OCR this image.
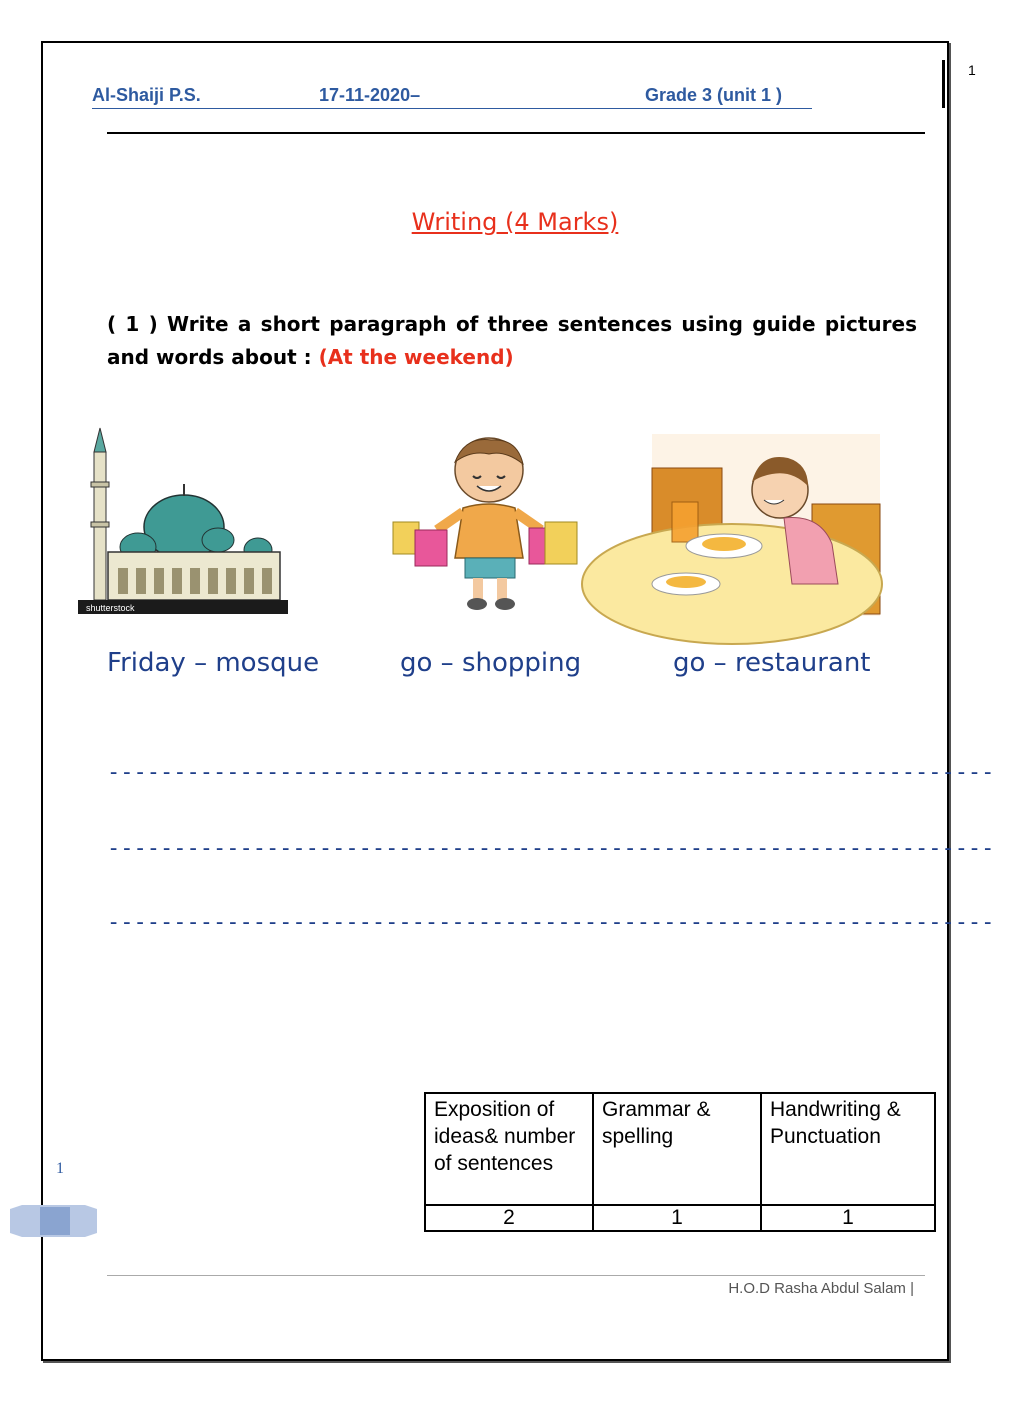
1
Al-Shaiji P.S.	17-11-2020–	Grade 3 (unit 1 )
Writing (4 Marks)
( 1 ) Write a short paragraph of three sentences using guide pictures and words about : (At the weekend)
shutterstock
Friday – mosque	go – shopping	go – restaurant
-------------------------------------------------------------------
-------------------------------------------------------------------
-------------------------------------------------------------------
Exposition of ideas& number of sentences	Grammar & spelling	Handwriting & Punctuation
2	1	1
1
H.O.D Rasha Abdul Salam |
